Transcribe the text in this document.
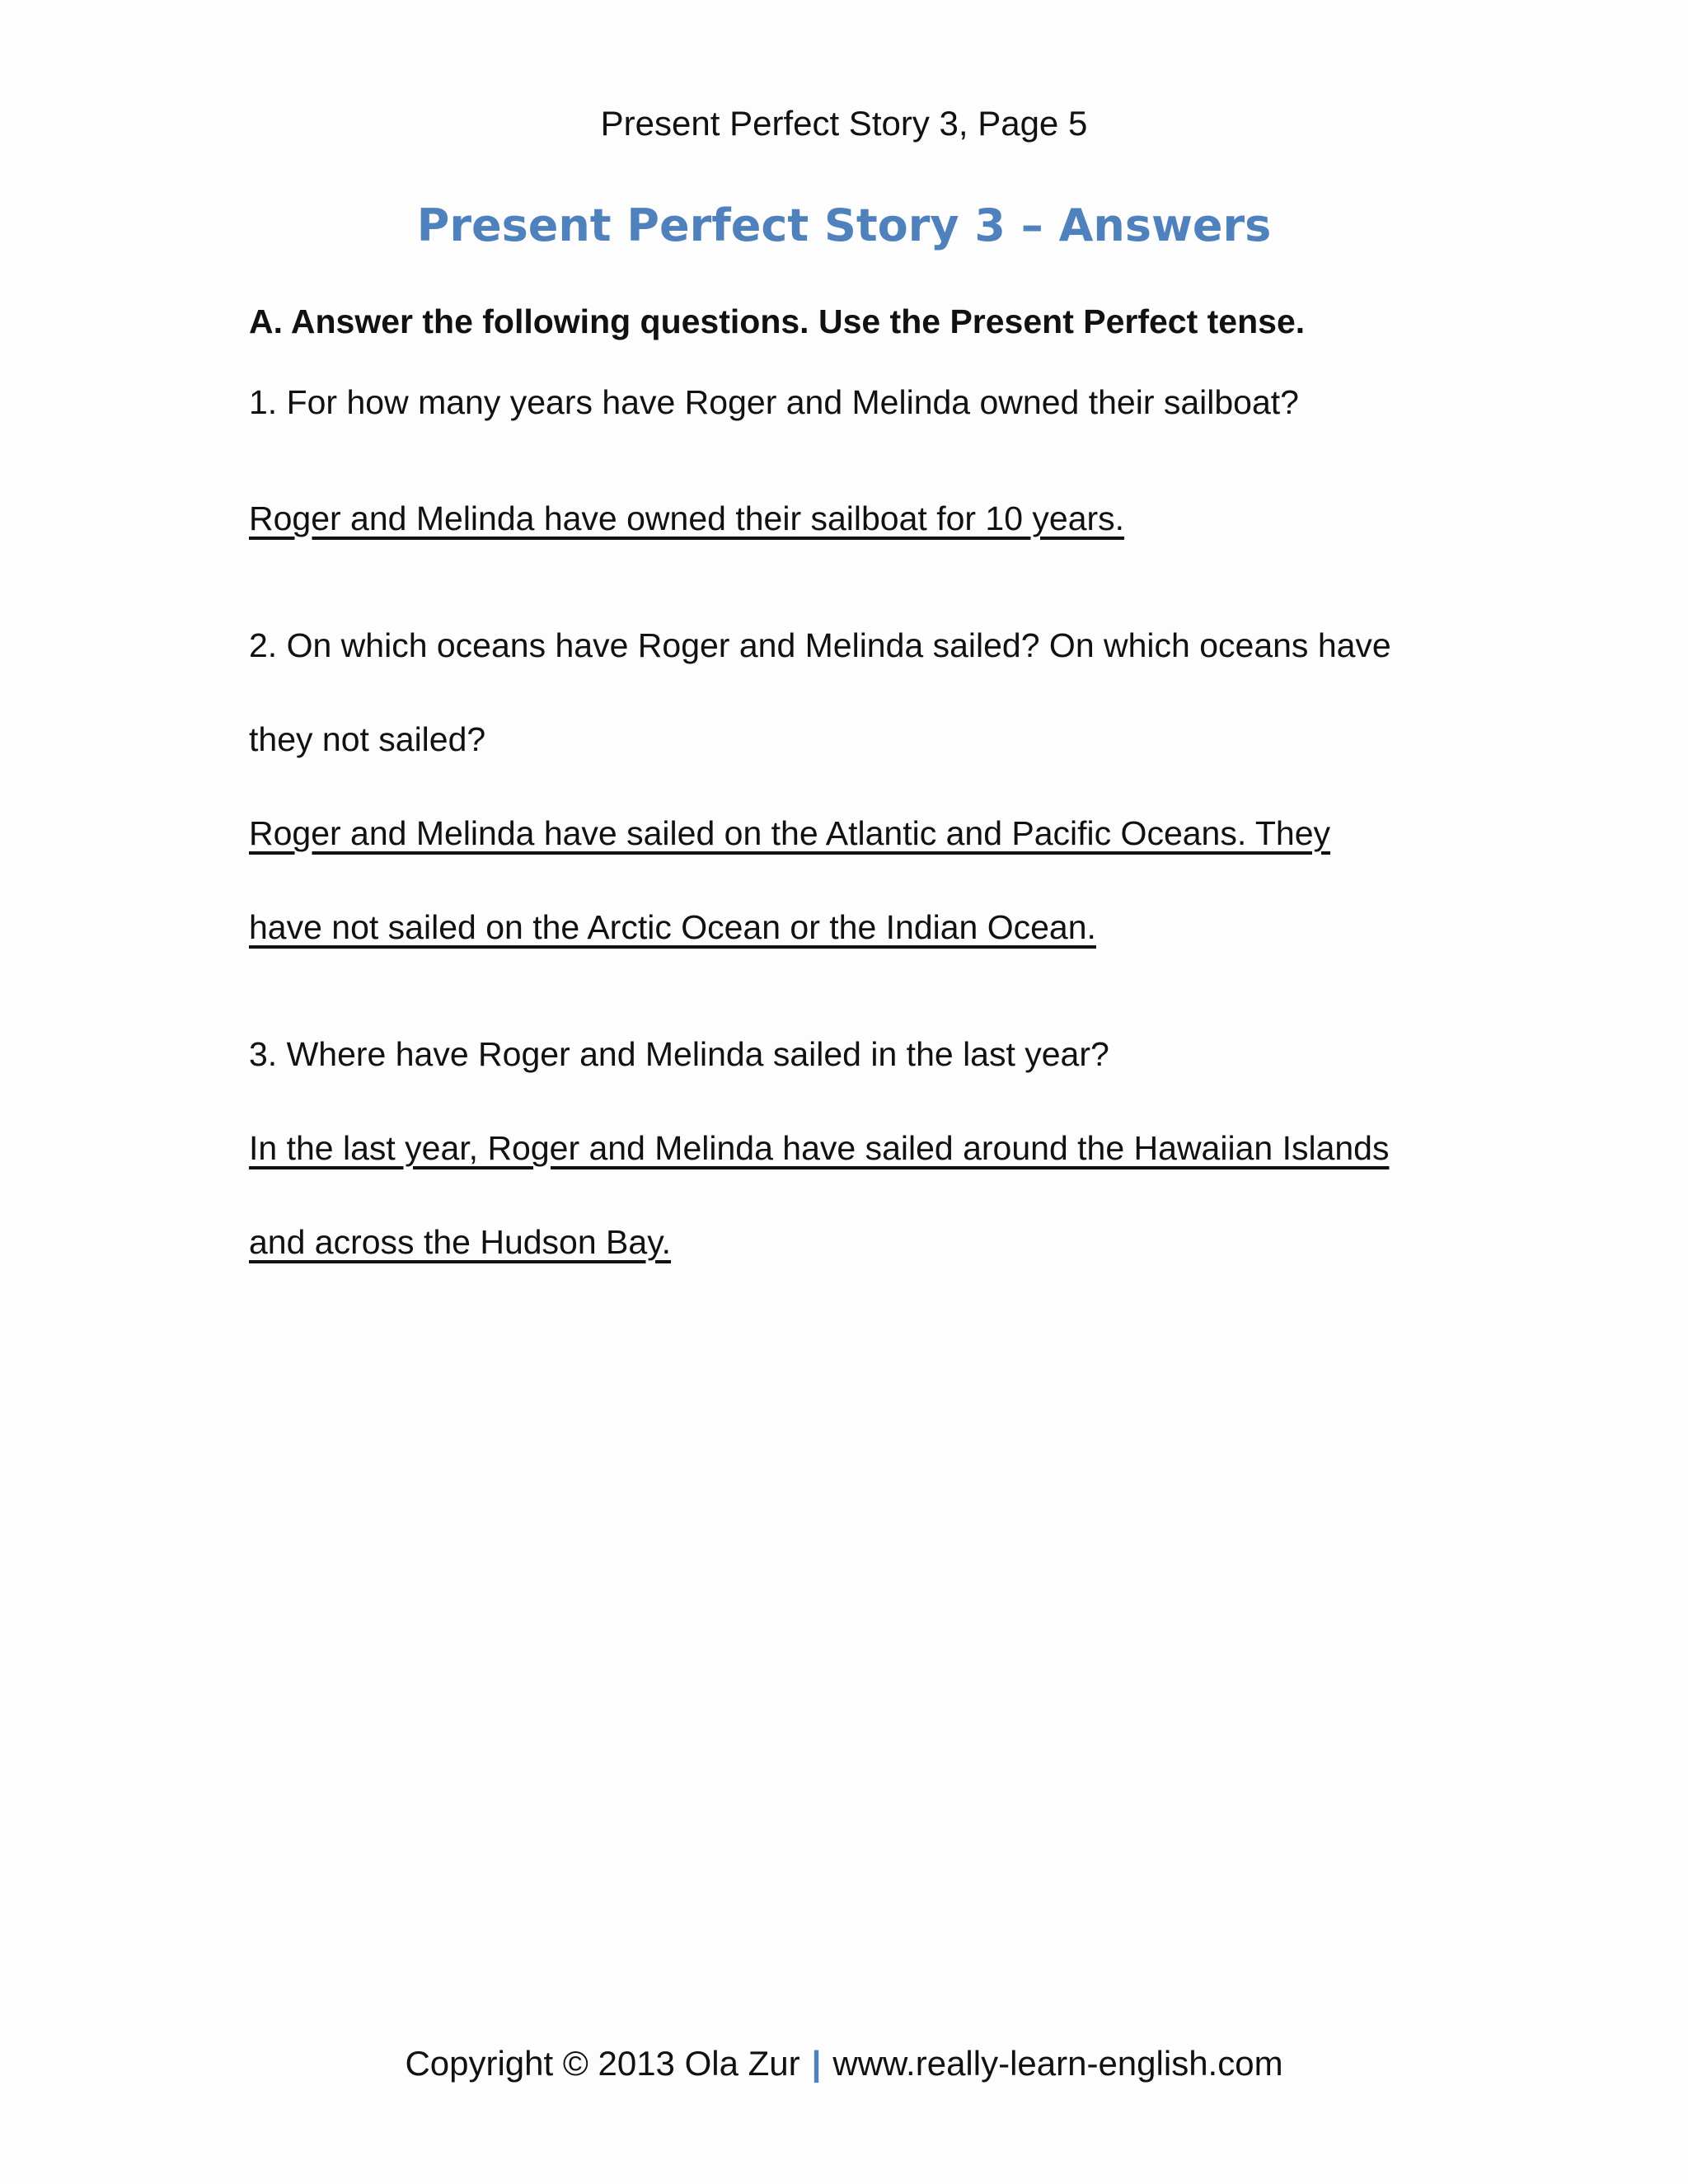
Present Perfect Story 3, Page 5
Present Perfect Story 3 – Answers

A. Answer the following questions. Use the Present Perfect tense.

1. For how many years have Roger and Melinda owned their sailboat?

Roger and Melinda have owned their sailboat for 10 years.

2. On which oceans have Roger and Melinda sailed? On which oceans have

they not sailed?

Roger and Melinda have sailed on the Atlantic and Pacific Oceans. They

have not sailed on the Arctic Ocean or the Indian Ocean.

3. Where have Roger and Melinda sailed in the last year?

In the last year, Roger and Melinda have sailed around the Hawaiian Islands

and across the Hudson Bay.

Copyright © 2013 Ola Zur | www.really-learn-english.com
